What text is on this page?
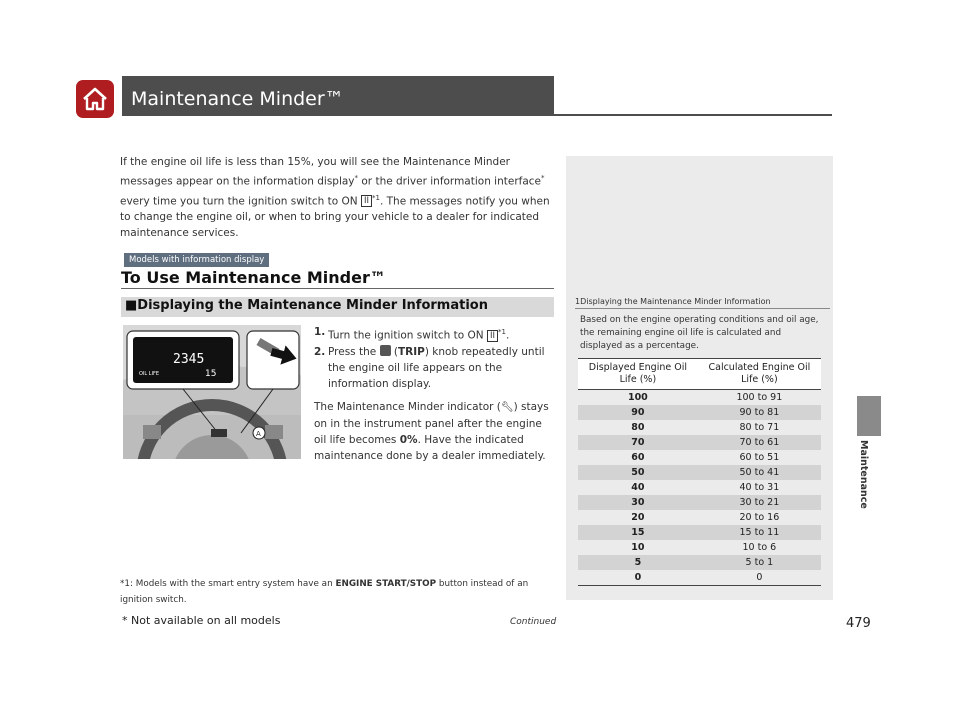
Maintenance Minder™
If the engine oil life is less than 15%, you will see the Maintenance Minder messages appear on the information display* or the driver information interface* every time you turn the ignition switch to ON II $^{*1}$. The messages notify you when to change the engine oil, or when to bring your vehicle to a dealer for indicated maintenance services.
Models with information display
To Use Maintenance Minder™
■Displaying the Maintenance Minder Information
2345
OIL LIFE	15
A
1. Turn the ignition switch to ON II $^{*1}$.
2. Press the  (TRIP) knob repeatedly until the engine oil life appears on the information display.
The Maintenance Minder indicator (🔧︎) stays on in the instrument panel after the engine oil life becomes 0%. Have the indicated maintenance done by a dealer immediately.
*1: Models with the smart entry system have an ENGINE START/STOP button instead of an ignition switch.
1Displaying the Maintenance Minder Information
Based on the engine operating conditions and oil age, the remaining engine oil life is calculated and displayed as a percentage.
Displayed Engine Oil Life (%)	Calculated Engine Oil Life (%)
100	100 to 91
90	90 to 81
80	80 to 71
70	70 to 61
60	60 to 51
50	50 to 41
40	40 to 31
30	30 to 21
20	20 to 16
15	15 to 11
10	10 to 6
5	5 to 1
0	0
Maintenance
* Not available on all models	Continued	479
